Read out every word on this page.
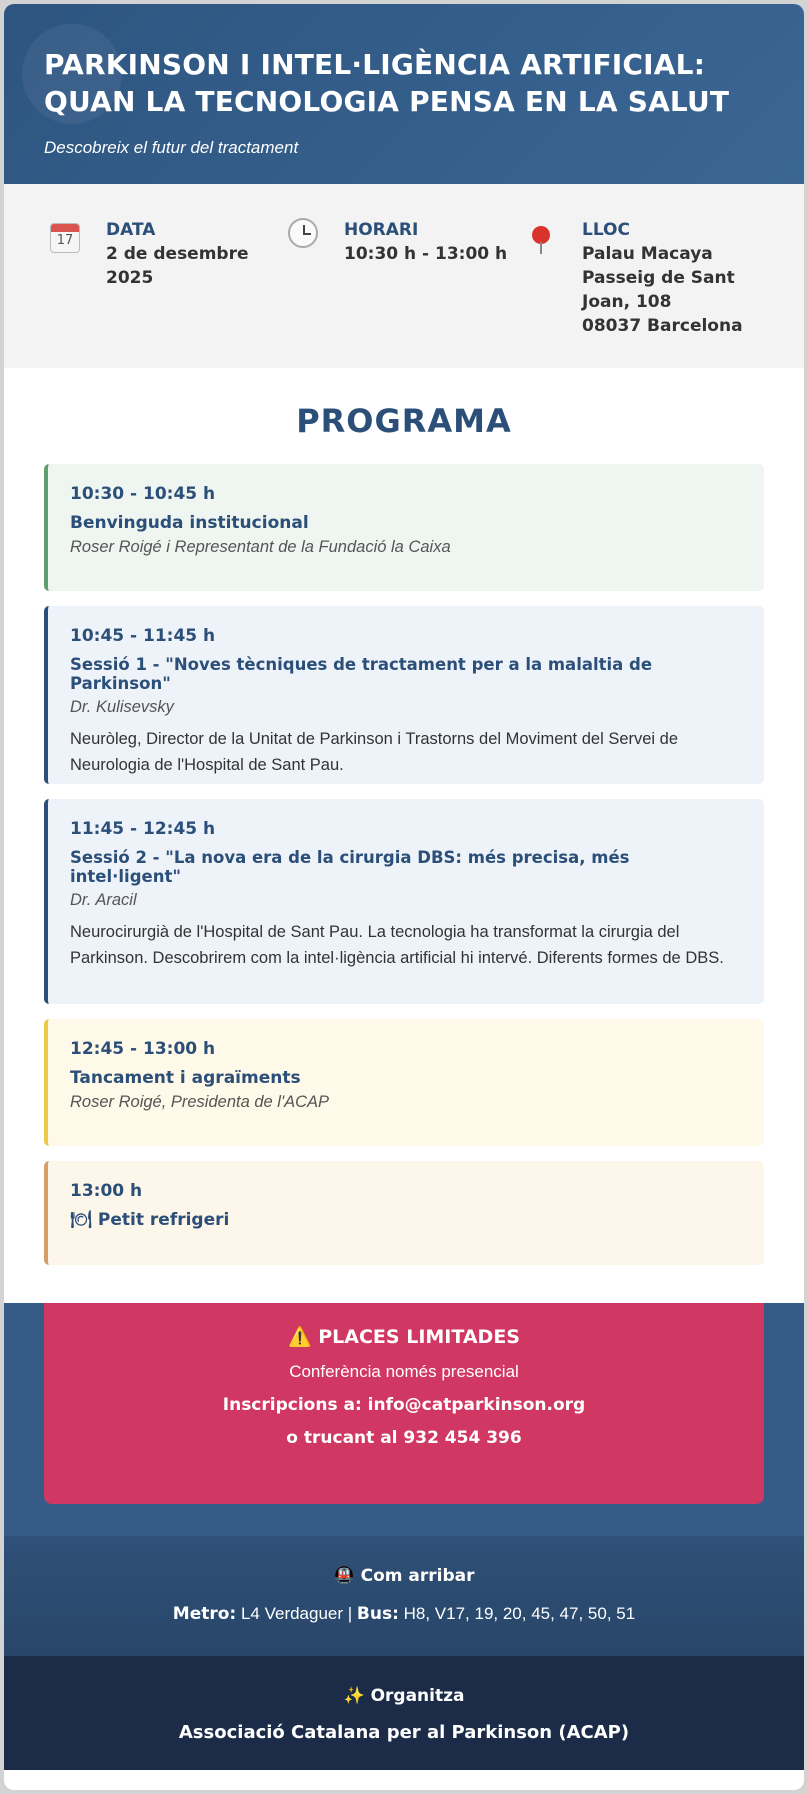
PARKINSON I INTEL·LIGÈNCIA ARTIFICIAL:
QUAN LA TECNOLOGIA PENSA EN LA SALUT
Descobreix el futur del tractament
17
DATA
2 de desembre
2025
HORARI
10:30 h - 13:00 h
LLOC
Palau Macaya
Passeig de Sant
Joan, 108
08037 Barcelona
PROGRAMA
10:30 - 10:45 h
Benvinguda institucional
Roser Roigé i Representant de la Fundació la Caixa
10:45 - 11:45 h
Sessió 1 - "Noves tècniques de tractament per a la malaltia de Parkinson"
Dr. Kulisevsky
Neuròleg, Director de la Unitat de Parkinson i Trastorns del Moviment del Servei de Neurologia de l'Hospital de Sant Pau.
11:45 - 12:45 h
Sessió 2 - "La nova era de la cirurgia DBS: més precisa, més intel·ligent"
Dr. Aracil
Neurocirurgià de l'Hospital de Sant Pau. La tecnologia ha transformat la cirurgia del Parkinson. Descobrirem com la intel·ligència artificial hi intervé. Diferents formes de DBS.
12:45 - 13:00 h
Tancament i agraïments
Roser Roigé, Presidenta de l'ACAP
13:00 h
🍽 Petit refrigeri
⚠️ PLACES LIMITADES
Conferència només presencial
Inscripcions a: info@catparkinson.org
o trucant al 932 454 396
🚇 Com arribar
Metro: L4 Verdaguer | Bus: H8, V17, 19, 20, 45, 47, 50, 51
✨ Organitza
Associació Catalana per al Parkinson (ACAP)
